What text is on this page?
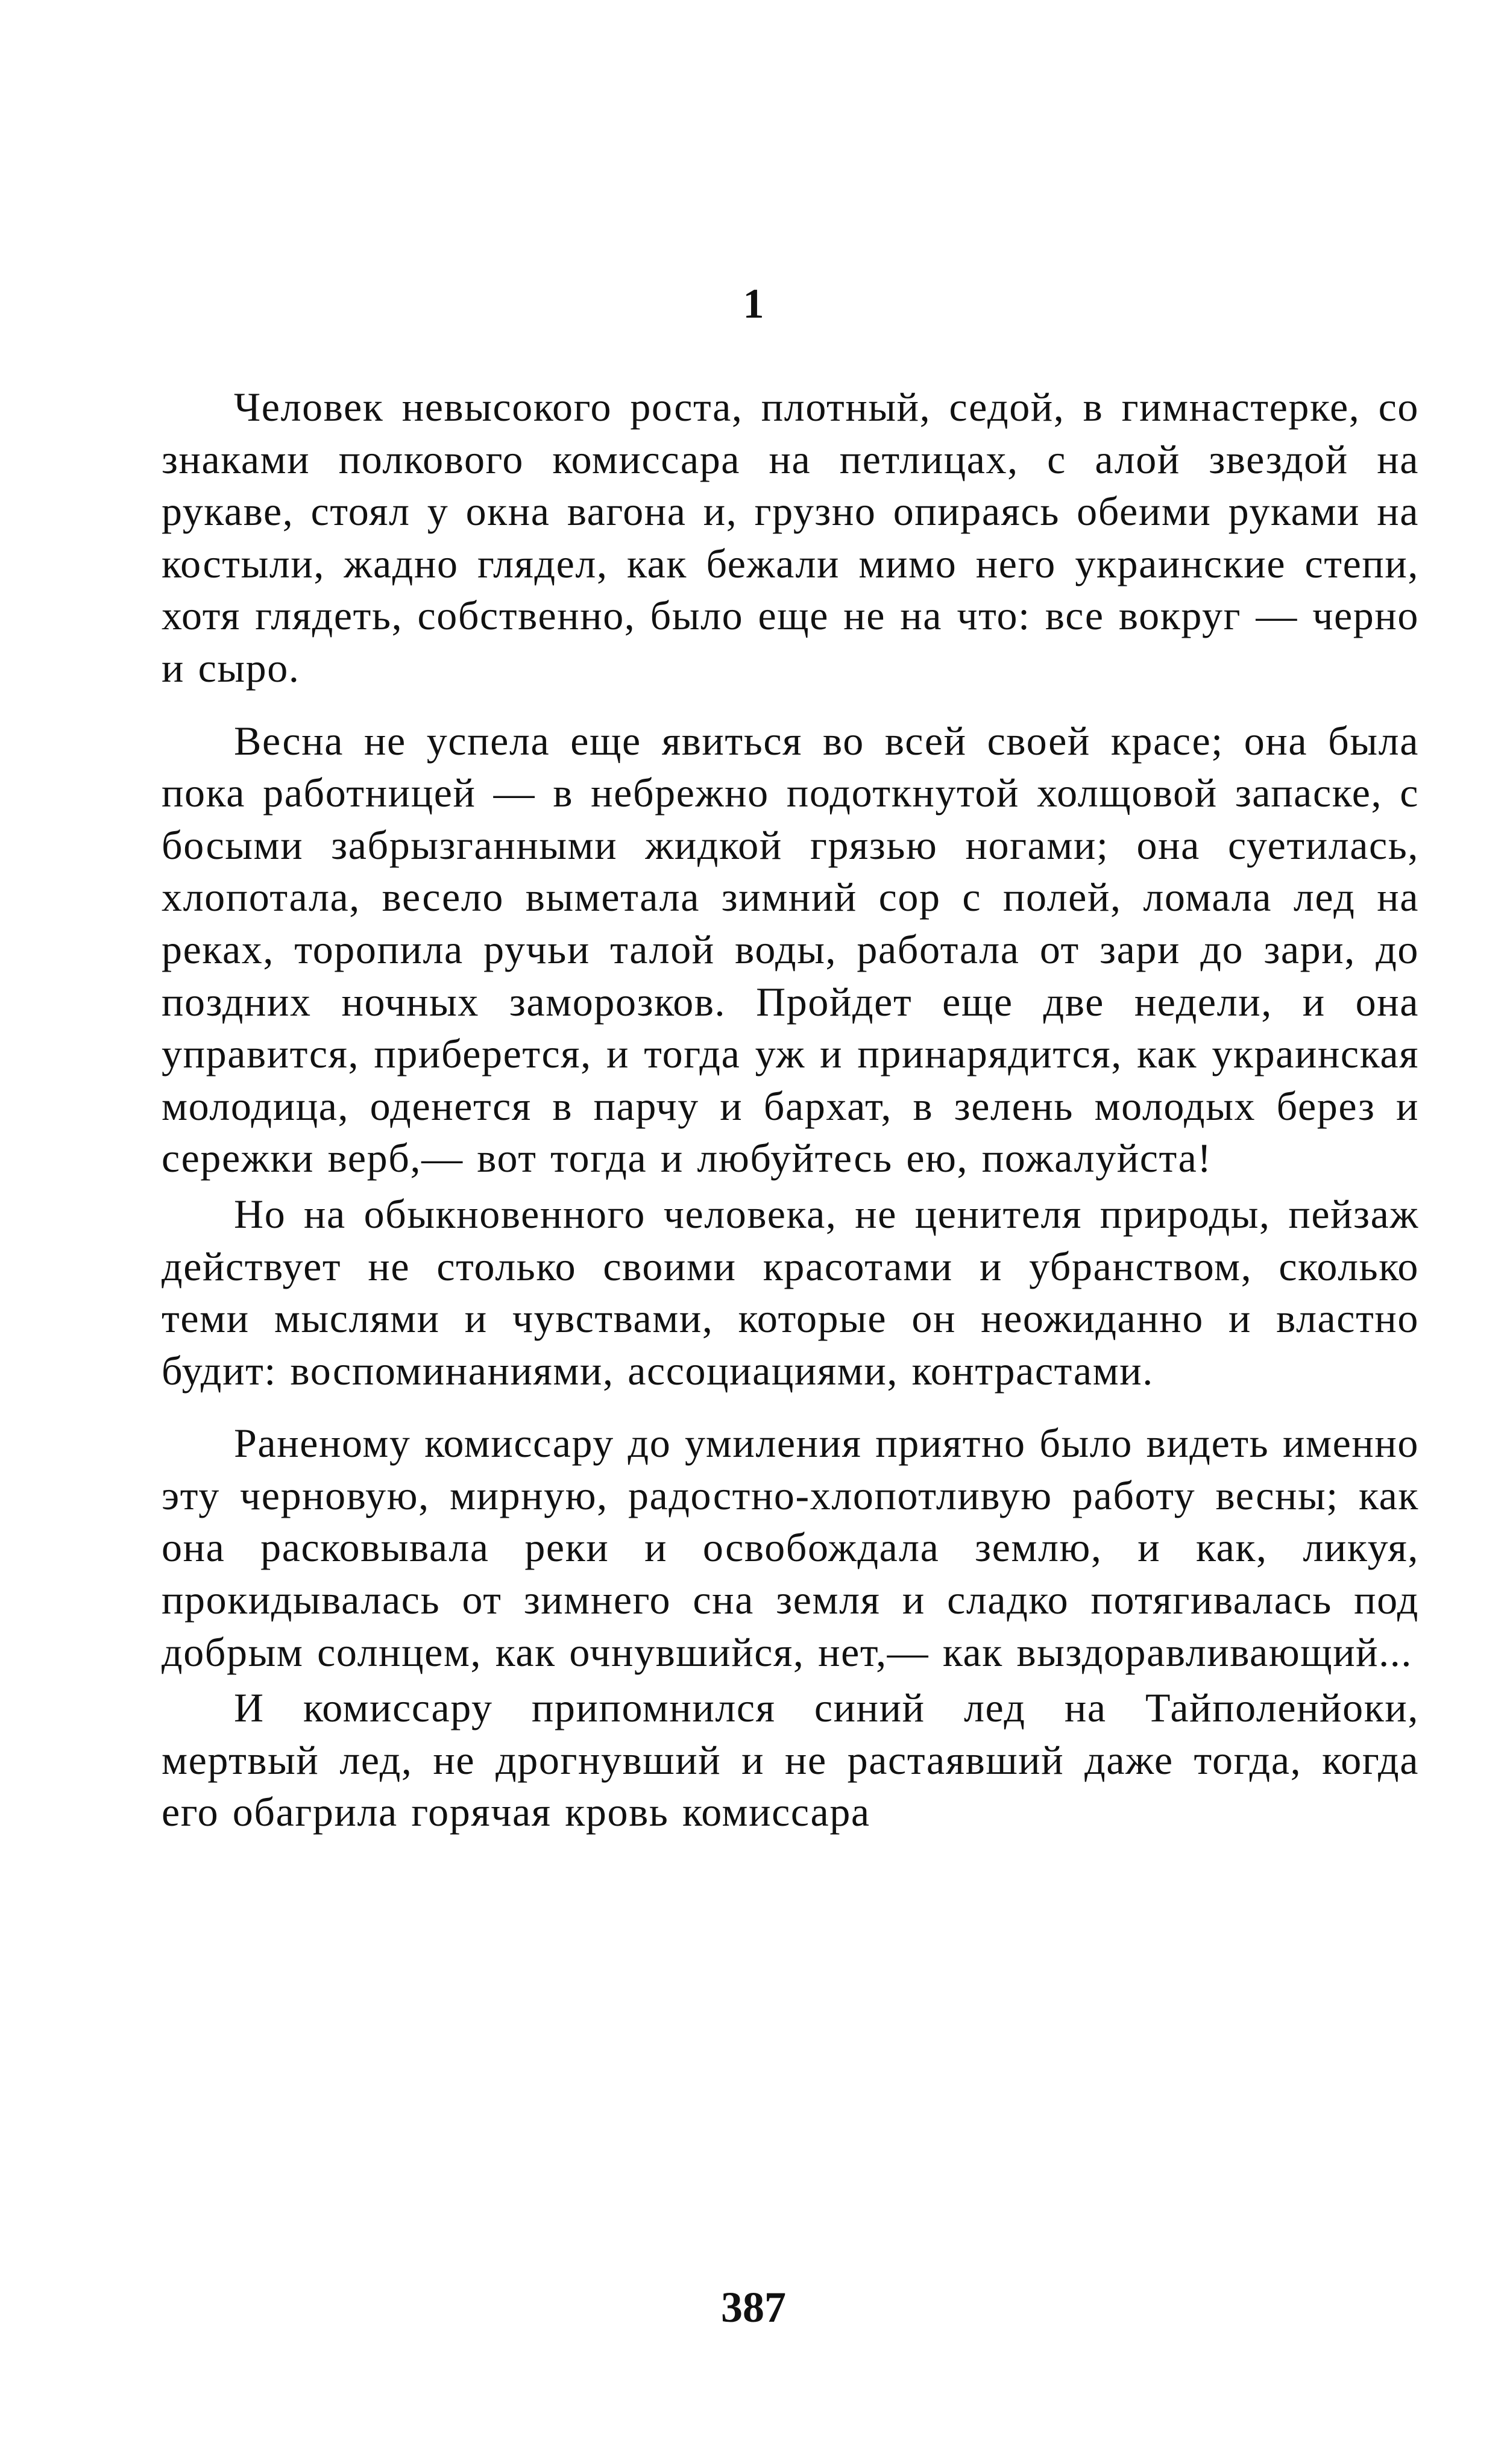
1

Человек невысокого роста, плотный, седой, в гимнастерке, со знаками полкового комиссара на петлицах, с алой звездой на рукаве, стоял у окна вагона и, грузно опираясь обеими руками на костыли, жадно глядел, как бежали мимо него украинские степи, хотя глядеть, собственно, было еще не на что: все вокруг — черно и сыро.

Весна не успела еще явиться во всей своей красе; она была пока работницей — в небрежно подоткнутой холщовой запаске, с босыми забрызганными жидкой грязью ногами; она суетилась, хлопотала, весело выметала зимний сор с полей, ломала лед на реках, торопила ручьи талой воды, работала от зари до зари, до поздних ночных заморозков. Пройдет еще две недели, и она управится, приберется, и тогда уж и принарядится, как украинская молодица, оденется в парчу и бархат, в зелень молодых берез и сережки верб,— вот тогда и любуйтесь ею, пожалуйста!

Но на обыкновенного человека, не ценителя природы, пейзаж действует не столько своими красотами и убранством, сколько теми мыслями и чувствами, которые он неожиданно и властно будит: воспоминаниями, ассоциациями, контрастами.

Раненому комиссару до умиления приятно было видеть именно эту черновую, мирную, радостно-хлопотливую работу весны; как она расковывала реки и освобождала землю, и как, ликуя, прокидывалась от зимнего сна земля и сладко потягивалась под добрым солнцем, как очнувшийся, нет,— как выздоравливающий...

И комиссару припомнился синий лед на Тайполенйоки, мертвый лед, не дрогнувший и не растаявший даже тогда, когда его обагрила горячая кровь комиссара

387
